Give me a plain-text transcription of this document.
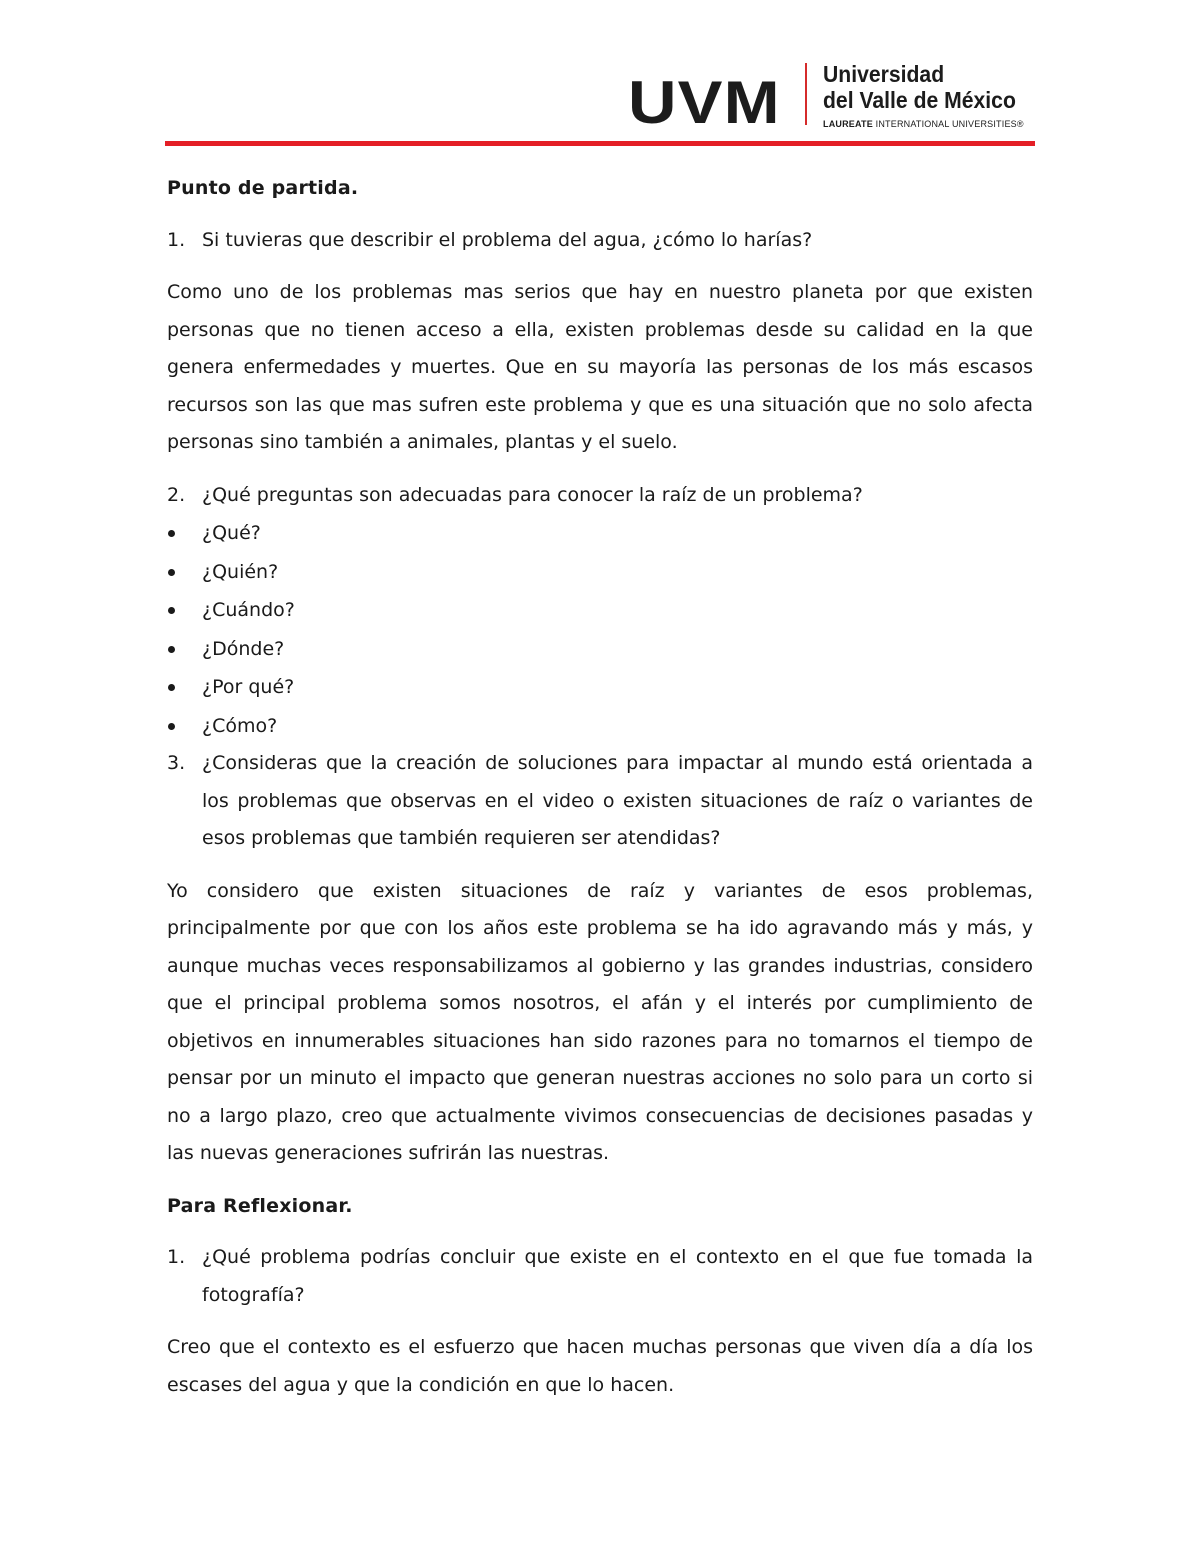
UVM Universidad
del Valle de México
LAUREATE INTERNATIONAL UNIVERSITIES®

Punto de partida.

1. Si tuvieras que describir el problema del agua, ¿cómo lo harías?

Como uno de los problemas mas serios que hay en nuestro planeta por que existen personas que no tienen acceso a ella, existen problemas desde su calidad en la que genera enfermedades y muertes. Que en su mayoría las personas de los más escasos recursos son las que mas sufren este problema y que es una situación que no solo afecta personas sino también a animales, plantas y el suelo.

2. ¿Qué preguntas son adecuadas para conocer la raíz de un problema?
¿Qué?
¿Quién?
¿Cuándo?
¿Dónde?
¿Por qué?
¿Cómo?
3. ¿Consideras que la creación de soluciones para impactar al mundo está orientada a los problemas que observas en el video o existen situaciones de raíz o variantes de esos problemas que también requieren ser atendidas?

Yo considero que existen situaciones de raíz y variantes de esos problemas, principalmente por que con los años este problema se ha ido agravando más y más, y aunque muchas veces responsabilizamos al gobierno y las grandes industrias, considero que el principal problema somos nosotros, el afán y el interés por cumplimiento de objetivos en innumerables situaciones han sido razones para no tomarnos el tiempo de pensar por un minuto el impacto que generan nuestras acciones no solo para un corto si no a largo plazo, creo que actualmente vivimos consecuencias de decisiones pasadas y las nuevas generaciones sufrirán las nuestras.

Para Reflexionar.

1. ¿Qué problema podrías concluir que existe en el contexto en el que fue tomada la fotografía?

Creo que el contexto es el esfuerzo que hacen muchas personas que viven día a día los escases del agua y que la condición en que lo hacen.
